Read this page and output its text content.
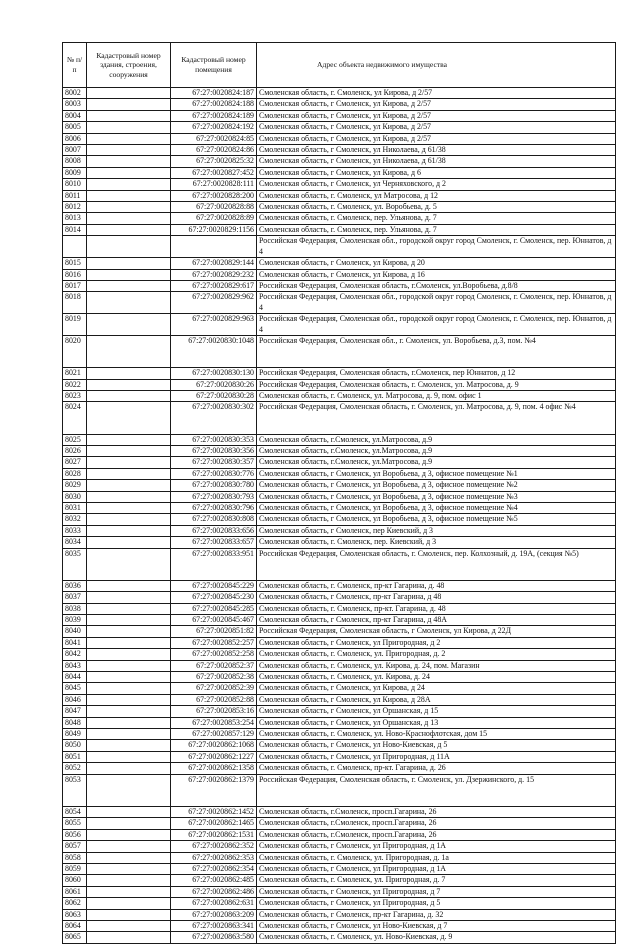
№ п/п	Кадастровый номер здания, строения, сооружения	Кадастровый номер помещения	Адрес объекта недвижимого имущества
8002		67:27:0020824:187	Смоленская область, г. Смоленск, ул Кирова, д 2/57
8003		67:27:0020824:188	Смоленская область, г Смоленск, ул Кирова, д 2/57
8004		67:27:0020824:189	Смоленская область, г Смоленск, ул Кирова, д 2/57
8005		67:27:0020824:192	Смоленская область, г Смоленск, ул Кирова, д 2/57
8006		67:27:0020824:85	Смоленская область, г Смоленск, ул Кирова, д 2/57
8007		67:27:0020824:86	Смоленская область, г Смоленск, ул Николаева, д 61/38
8008		67:27:0020825:32	Смоленская область, г Смоленск, ул Николаева, д 61/38
8009		67:27:0020827:452	Смоленская область, г Смоленск, ул Кирова, д 6
8010		67:27:0020828:111	Смоленская область, г Смоленск, ул Черняховского, д 2
8011		67:27:0020828:200	Смоленская область, г. Смоленск, ул Матросова, д 12
8012		67:27:0020828:88	Смоленская область, г. Смоленск, ул. Воробьева, д. 5
8013		67:27:0020828:89	Смоленская область, г. Смоленск, пер. Ульянова, д. 7
8014		67:27:0020829:1156	Смоленская область, г. Смоленск, пер. Ульянова, д. 7
			Российская Федерация, Смоленская обл., городской округ город Смоленск, г. Смоленск, пер. Юннатов, д 4
8015		67:27:0020829:144	Смоленская область, г Смоленск, ул Кирова, д 20
8016		67:27:0020829:232	Смоленская область, г Смоленск, ул Кирова, д 16
8017		67:27:0020829:617	Российская Федерация, Смоленская область, г.Смоленск, ул.Воробьева, д.8/8
8018		67:27:0020829:962	Российская Федерация, Смоленская обл., городской округ город Смоленск, г. Смоленск, пер. Юннатов, д 4
8019		67:27:0020829:963	Российская Федерация, Смоленская обл., городской округ город Смоленск, г. Смоленск, пер. Юннатов, д 4
8020		67:27:0020830:1048	Российская Федерация, Смоленская обл., г. Смоленск, ул. Воробьева, д.3, пом. №4
8021		67:27:0020830:130	Российская Федерация, Смоленская область, г.Смоленск, пер Юннатов, д 12
8022		67:27:0020830:26	Российская Федерация, Смоленская область, г. Смоленск, ул. Матросова, д. 9
8023		67:27:0020830:28	Смоленская область, г. Смоленск, ул. Матросова, д. 9, пом. офис 1
8024		67:27:0020830:302	Российская Федерация, Смоленская область, г. Смоленск, ул. Матросова, д. 9, пом. 4 офис №4
8025		67:27:0020830:353	Смоленская область, г.Смоленск, ул.Матросова, д.9
8026		67:27:0020830:356	Смоленская область, г.Смоленск, ул.Матросова, д.9
8027		67:27:0020830:357	Смоленская область, г.Смоленск, ул.Матросова, д.9
8028		67:27:0020830:776	Смоленская область, г Смоленск, ул Воробьева, д 3, офисное помещение №1
8029		67:27:0020830:780	Смоленская область, г Смоленск, ул Воробьева, д 3, офисное помещение №2
8030		67:27:0020830:793	Смоленская область, г Смоленск, ул Воробьева, д 3, офисное помещение №3
8031		67:27:0020830:796	Смоленская область, г Смоленск, ул Воробьева, д 3, офисное помещение №4
8032		67:27:0020830:808	Смоленская область, г Смоленск, ул Воробьева, д 3, офисное помещение №5
8033		67:27:0020833:656	Смоленская область, г Смоленск, пер Киевский, д 3
8034		67:27:0020833:657	Смоленская область, г. Смоленск, пер. Киевский, д 3
8035		67:27:0020833:951	Российская Федерация, Смоленская область, г. Смоленск, пер. Колхозный, д. 19А, (секция №5)
8036		67:27:0020845:229	Смоленская область, г. Смоленск, пр-кт Гагарина, д. 48
8037		67:27:0020845:230	Смоленская область, г Смоленск, пр-кт Гагарина, д 48
8038		67:27:0020845:285	Смоленская область, г. Смоленск, пр-кт. Гагарина, д. 48
8039		67:27:0020845:467	Смоленская область, г Смоленск, пр-кт Гагарина, д 48А
8040		67:27:0020851:82	Российская Федерация, Смоленская область, г Смоленск, ул Кирова, д 22Д
8041		67:27:0020852:257	Смоленская область, г Смоленск, ул Пригородная, д 2
8042		67:27:0020852:258	Смоленская область, г. Смоленск, ул. Пригородная, д. 2
8043		67:27:0020852:37	Смоленская область, г. Смоленск, ул. Кирова, д. 24, пом. Магазин
8044		67:27:0020852:38	Смоленская область, г. Смоленск, ул. Кирова, д. 24
8045		67:27:0020852:39	Смоленская область, г Смоленск, ул Кирова, д 24
8046		67:27:0020852:88	Смоленская область, г Смоленск, ул Кирова, д 28А
8047		67:27:0020853:16	Смоленская область, г Смоленск, ул Оршанская, д 15
8048		67:27:0020853:254	Смоленская область, г Смоленск, ул Оршанская, д 13
8049		67:27:0020857:129	Смоленская область, г. Смоленск, ул. Ново-Краснофлотская, дом 15
8050		67:27:0020862:1068	Смоленская область, г Смоленск, ул Ново-Киевская, д 5
8051		67:27:0020862:1227	Смоленская область, г Смоленск, ул Пригородная, д 11А
8052		67:27:0020862:1358	Смоленская область, г. Смоленск, пр-кт. Гагарина, д. 26
8053		67:27:0020862:1379	Российская Федерация, Смоленская область, г. Смоленск, ул. Дзержинского, д. 15
8054		67:27:0020862:1452	Смоленская область, г.Смоленск, просп.Гагарина, 26
8055		67:27:0020862:1465	Смоленская область, г.Смоленск, просп.Гагарина, 26
8056		67:27:0020862:1531	Смоленская область, г.Смоленск, просп.Гагарина, 26
8057		67:27:0020862:352	Смоленская область, г Смоленск, ул Пригородная, д 1А
8058		67:27:0020862:353	Смоленская область, г. Смоленск, ул. Пригородная, д. 1а
8059		67:27:0020862:354	Смоленская область, г Смоленск, ул Пригородная, д 1А
8060		67:27:0020862:485	Смоленская область, г. Смоленск, ул. Пригородная, д. 7
8061		67:27:0020862:486	Смоленская область, г Смоленск, ул Пригородная, д 7
8062		67:27:0020862:631	Смоленская область, г Смоленск, ул Пригородная, д 5
8063		67:27:0020863:209	Смоленская область, г Смоленск, пр-кт Гагарина, д. 32
8064		67:27:0020863:341	Смоленская область, г Смоленск, ул Ново-Киевская, д 7
8065		67:27:0020863:580	Смоленская область, г. Смоленск, ул. Ново-Киевская, д. 9
